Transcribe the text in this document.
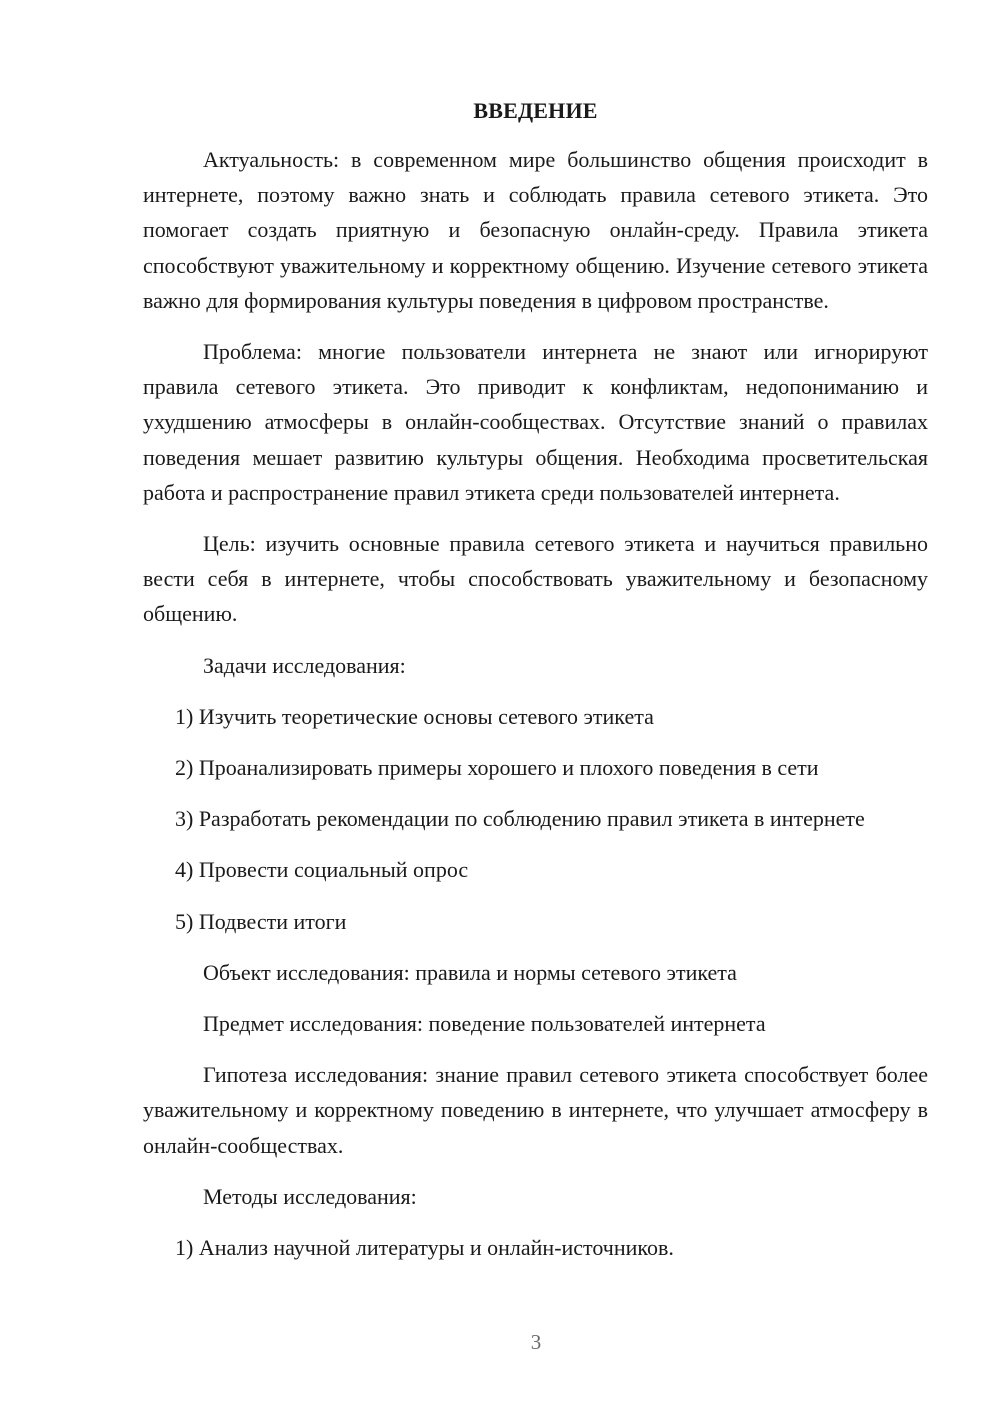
ВВЕДЕНИЕ

Актуальность: в современном мире большинство общения происходит в интернете, поэтому важно знать и соблюдать правила сетевого этикета. Это помогает создать приятную и безопасную онлайн-среду. Правила этикета способствуют уважительному и корректному общению. Изучение сетевого этикета важно для формирования культуры поведения в цифровом пространстве.

Проблема: многие пользователи интернета не знают или игнорируют правила сетевого этикета. Это приводит к конфликтам, недопониманию и ухудшению атмосферы в онлайн-сообществах. Отсутствие знаний о правилах поведения мешает развитию культуры общения. Необходима просветительская работа и распространение правил этикета среди пользователей интернета.

Цель: изучить основные правила сетевого этикета и научиться правильно вести себя в интернете, чтобы способствовать уважительному и безопасному общению.

Задачи исследования:

1) Изучить теоретические основы сетевого этикета

2) Проанализировать примеры хорошего и плохого поведения в сети

3) Разработать рекомендации по соблюдению правил этикета в интернете

4) Провести социальный опрос

5) Подвести итоги

Объект исследования: правила и нормы сетевого этикета

Предмет исследования: поведение пользователей интернета

Гипотеза исследования: знание правил сетевого этикета способствует более уважительному и корректному поведению в интернете, что улучшает атмосферу в онлайн-сообществах.

Методы исследования:

1) Анализ научной литературы и онлайн-источников.

3
